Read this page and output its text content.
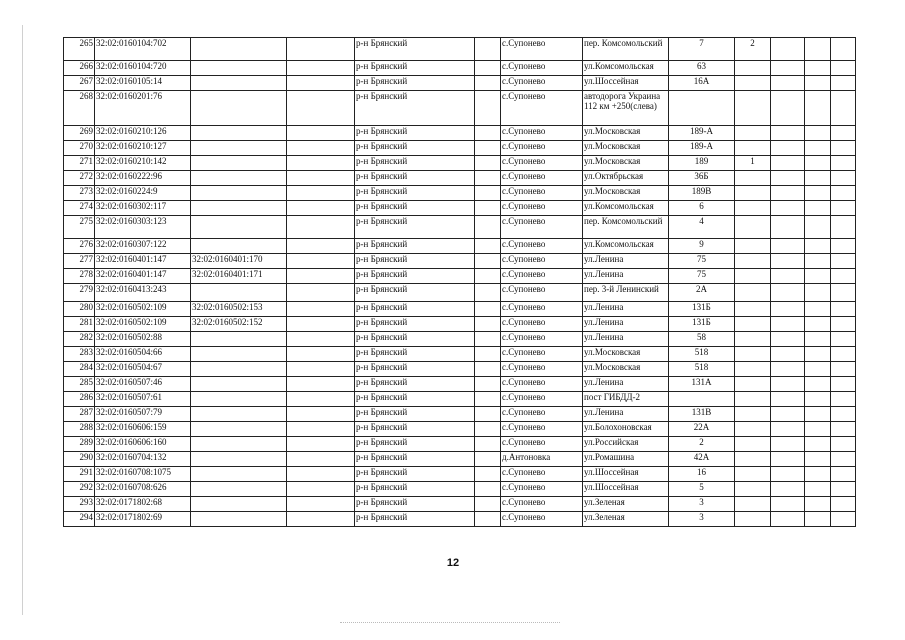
265	32:02:0160104:702			р-н Брянский		с.Супонево	пер. Комсомольский	7	2			
266	32:02:0160104:720			р-н Брянский		с.Супонево	ул.Комсомольская	63				
267	32:02:0160105:14			р-н Брянский		с.Супонево	ул.Шоссейная	16А				
268	32:02:0160201:76			р-н Брянский		с.Супонево	автодорога Украина 112 км +250(слева)					
269	32:02:0160210:126			р-н Брянский		с.Супонево	ул.Московская	189-А				
270	32:02:0160210:127			р-н Брянский		с.Супонево	ул.Московская	189-А				
271	32:02:0160210:142			р-н Брянский		с.Супонево	ул.Московская	189	1			
272	32:02:0160222:96			р-н Брянский		с.Супонево	ул.Октябрьская	36Б				
273	32:02:0160224:9			р-н Брянский		с.Супонево	ул.Московская	189В				
274	32:02:0160302:117			р-н Брянский		с.Супонево	ул.Комсомольская	6				
275	32:02:0160303:123			р-н Брянский		с.Супонево	пер. Комсомольский	4				
276	32:02:0160307:122			р-н Брянский		с.Супонево	ул.Комсомольская	9				
277	32:02:0160401:147	32:02:0160401:170		р-н Брянский		с.Супонево	ул.Ленина	75				
278	32:02:0160401:147	32:02:0160401:171		р-н Брянский		с.Супонево	ул.Ленина	75				
279	32:02:0160413:243			р-н Брянский		с.Супонево	пер. 3-й Ленинский	2А				
280	32:02:0160502:109	32:02:0160502:153		р-н Брянский		с.Супонево	ул.Ленина	131Б				
281	32:02:0160502:109	32:02:0160502:152		р-н Брянский		с.Супонево	ул.Ленина	131Б				
282	32:02:0160502:88			р-н Брянский		с.Супонево	ул.Ленина	58				
283	32:02:0160504:66			р-н Брянский		с.Супонево	ул.Московская	518				
284	32:02:0160504:67			р-н Брянский		с.Супонево	ул.Московская	518				
285	32:02:0160507:46			р-н Брянский		с.Супонево	ул.Ленина	131А				
286	32:02:0160507:61			р-н Брянский		с.Супонево	пост ГИБДД-2					
287	32:02:0160507:79			р-н Брянский		с.Супонево	ул.Ленина	131В				
288	32:02:0160606:159			р-н Брянский		с.Супонево	ул.Болохоновская	22А				
289	32:02:0160606:160			р-н Брянский		с.Супонево	ул.Российская	2				
290	32:02:0160704:132			р-н Брянский		д.Антоновка	ул.Ромашина	42А				
291	32:02:0160708:1075			р-н Брянский		с.Супонево	ул.Шоссейная	16				
292	32:02:0160708:626			р-н Брянский		с.Супонево	ул.Шоссейная	5				
293	32:02:0171802:68			р-н Брянский		с.Супонево	ул.Зеленая	3				
294	32:02:0171802:69			р-н Брянский		с.Супонево	ул.Зеленая	3				
12
